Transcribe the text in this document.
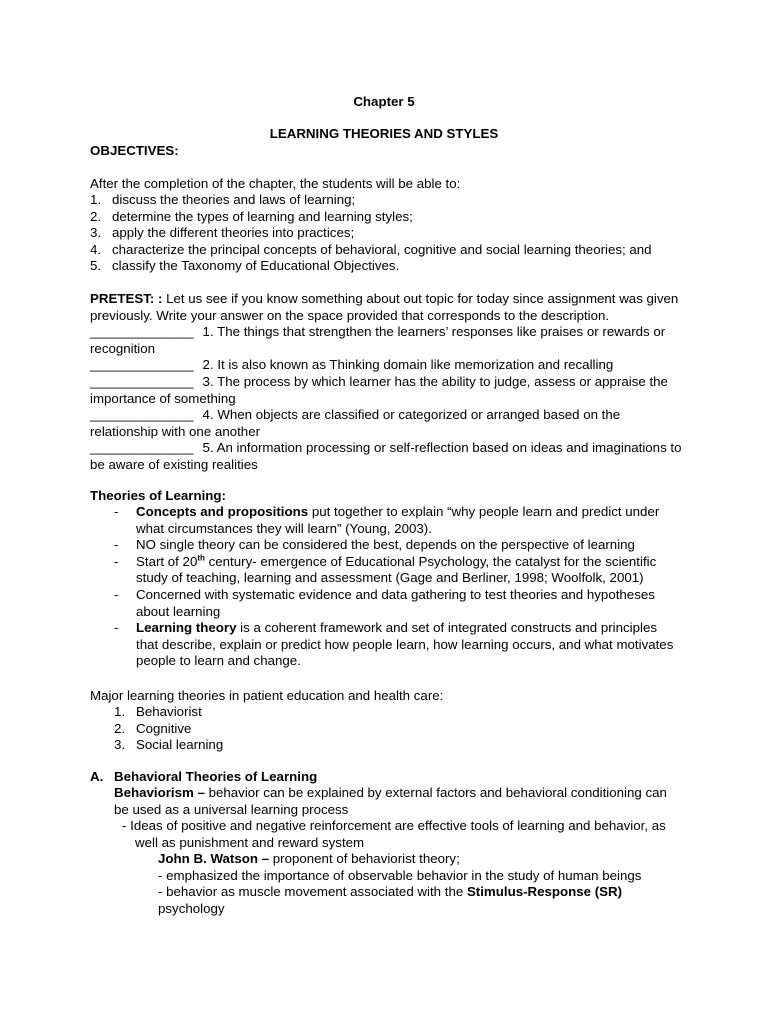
Chapter 5
LEARNING THEORIES AND STYLES
OBJECTIVES:
After the completion of the chapter, the students will be able to:
1. discuss the theories and laws of learning;
2. determine the types of learning and learning styles;
3. apply the different theories into practices;
4. characterize the principal concepts of behavioral, cognitive and social learning theories; and
5. classify the Taxonomy of Educational Objectives.

PRETEST: : Let us see if you know something about out topic for today since assignment was given previously. Write your answer on the space provided that corresponds to the description.

______________ 1. The things that strengthen the learners’ responses like praises or rewards or recognition

______________ 2. It is also known as Thinking domain like memorization and recalling

______________ 3. The process by which learner has the ability to judge, assess or appraise the importance of something

______________ 4. When objects are classified or categorized or arranged based on the relationship with one another

______________ 5. An information processing or self-reflection based on ideas and imaginations to be aware of existing realities

Theories of Learning:
-	Concepts and propositions put together to explain “why people learn and predict under what circumstances they will learn” (Young, 2003).
-	NO single theory can be considered the best, depends on the perspective of learning
-	Start of 20th century- emergence of Educational Psychology, the catalyst for the scientific study of teaching, learning and assessment (Gage and Berliner, 1998; Woolfolk, 2001)
-	Concerned with systematic evidence and data gathering to test theories and hypotheses about learning
-	Learning theory is a coherent framework and set of integrated constructs and principles that describe, explain or predict how people learn, how learning occurs, and what motivates people to learn and change.
Major learning theories in patient education and health care:
1. Behaviorist
2. Cognitive
3. Social learning
A. Behavioral Theories of Learning
Behaviorism – behavior can be explained by external factors and behavioral conditioning can be used as a universal learning process
- Ideas of positive and negative reinforcement are effective tools of learning and behavior, as well as punishment and reward system

John B. Watson – proponent of behaviorist theory;

- emphasized the importance of observable behavior in the study of human beings

- behavior as muscle movement associated with the Stimulus-Response (SR)

psychology
